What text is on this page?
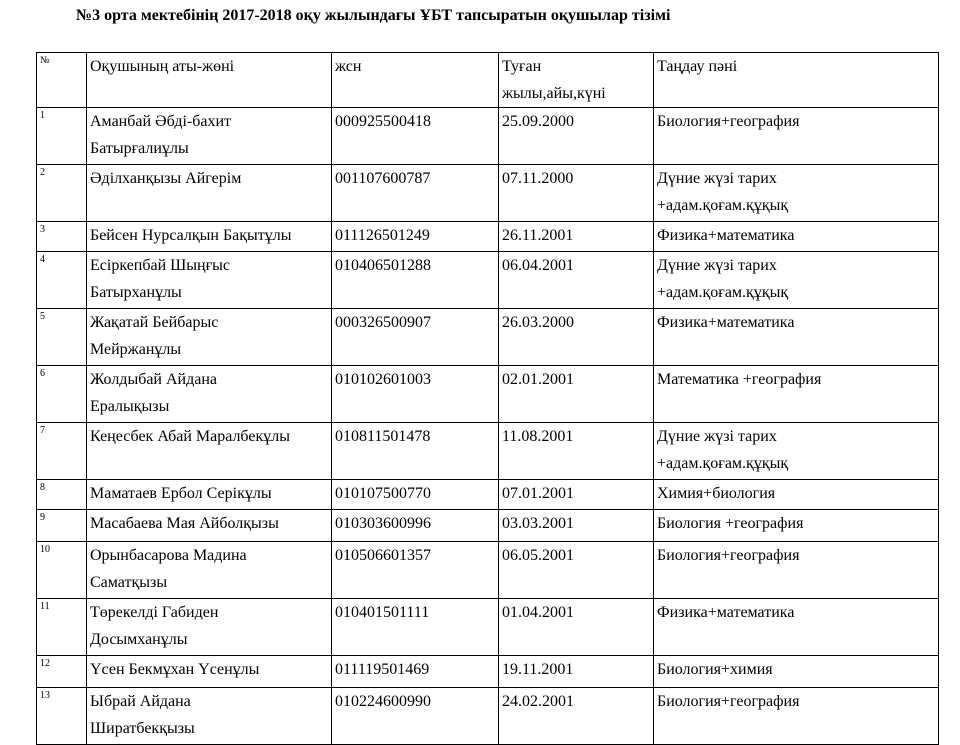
№3 орта мектебінің 2017-2018 оқу жылындағы ҰБТ тапсыратын оқушылар тізімі
№	Оқушының аты-жөні	жсн	Туған
жылы,айы,күні	Таңдау пәні
1	Аманбай Әбді-бахит
Батырғалиұлы	000925500418	25.09.2000	Биология+география
2	Әділханқызы Айгерім	001107600787	07.11.2000	Дүние жүзі тарих
+адам.қоғам.құқық
3	Бейсен Нурсалқын Бақытұлы	011126501249	26.11.2001	Физика+математика
4	Есіркепбай Шыңғыс
Батырханұлы	010406501288	06.04.2001	Дүние жүзі тарих
+адам.қоғам.құқық
5	Жақатай Бейбарыс
Мейржанұлы	000326500907	26.03.2000	Физика+математика
6	Жолдыбай Айдана
Ералықызы	010102601003	02.01.2001	Математика +география
7	Кеңесбек Абай Маралбекұлы	010811501478	11.08.2001	Дүние жүзі тарих
+адам.қоғам.құқық
8	Маматаев Ербол Серікұлы	010107500770	07.01.2001	Химия+биология
9	Масабаева Мая Айболқызы	010303600996	03.03.2001	Биология +география
10	Орынбасарова Мадина
Саматқызы	010506601357	06.05.2001	Биология+география
11	Төрекелді Габиден
Досымханұлы	010401501111	01.04.2001	Физика+математика
12	Үсен Бекмұхан Үсенұлы	011119501469	19.11.2001	Биология+химия
13	Ыбрай Айдана
Ширатбекқызы	010224600990	24.02.2001	Биология+география
